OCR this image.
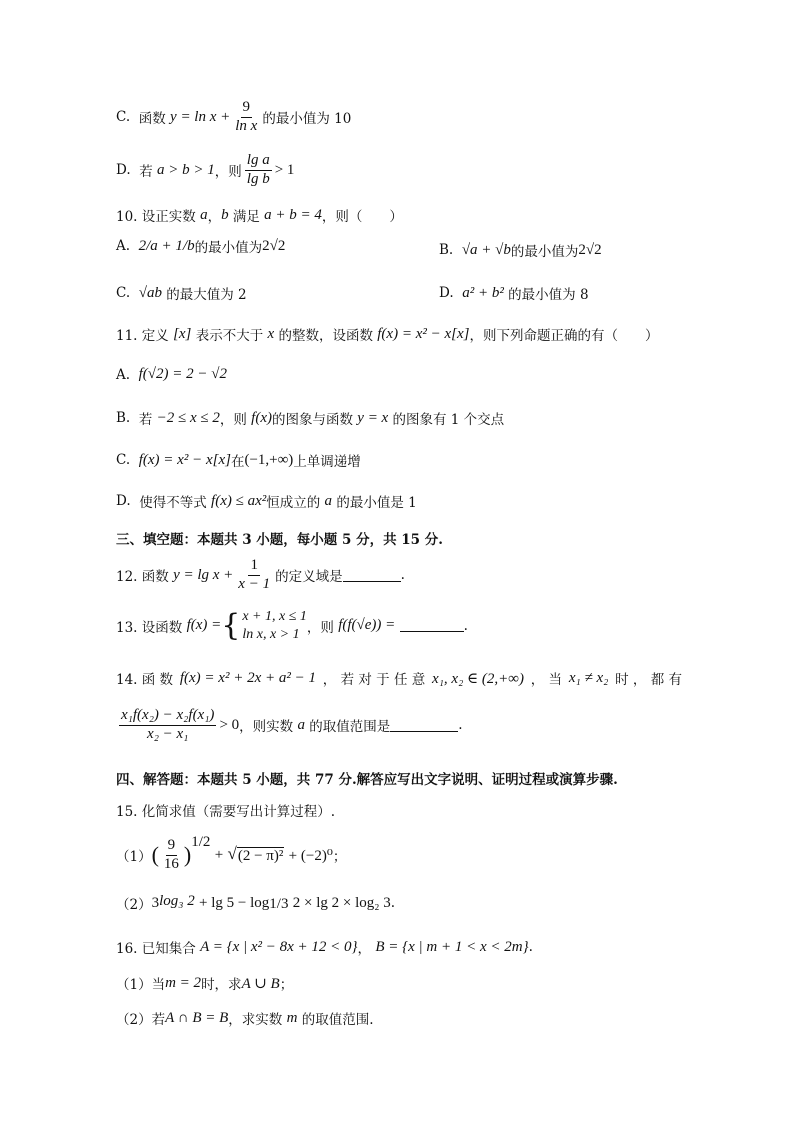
C.
函数
$y = \ln x + \frac{9}{\text{ln x}}$ 的最小值为 10
D.
若
a > b > 1 ，则 $\frac{\text{lg a}}{\text{lg b}} > 1$
10. 设正实数
a ， b
满足
a + b = 4 ，则（　　）
A.
2/a + 1/b 的最小值为 2√2	B.
√a + √b 的最小值为 2√2
C.
√ab
的最大值为 2	D.
a² + b²
的最小值为 8
11. 定义
[x]
表示不大于
x
的整数，设函数
f(x) = x² − x[x] ，则下列命题正确的有（　　）
A.
f(√2) = 2 − √2
B.
若
−2 ≤ x ≤ 2 ，则
f(x) 的图象与函数
y = x
的图象有 1 个交点
C.
f(x) = x² − x[x] 在 (−1,+∞) 上单调递增
D.
使得不等式
f(x) ≤ ax² 恒成立的
a
的最小值是 1
三、填空题：本题共 3 小题，每小题 5 分，共 15 分.
12. 函数
$y = \lg x + \frac{1}{x - 1}$ 的定义域是	.
13. 设函数
f(x) = { x + 1, x ≤ 1
ln x, x > 1 ，则
f(f(√e)) =
	.
14. 函 数 f(x) = x² + 2x + a² − 1 ， 若 对 于 任 意 x₁, x₂ ∈ (2,+∞) ， 当 x₁ ≠ x₂ 时 ， 都 有
$\frac{\text{x₁f(x₂) − x₂f(x₁)}}{\text{x₂ − x₁}} > 0$ ，则实数
a
的取值范围是	.
四、解答题：本题共 5 小题，共 77 分.解答应写出文字说明、证明过程或演算步骤.
15. 化简求值（需要写出计算过程）.
（1） ( $\frac{9}{16}$ )
1/2

+
√ (2 − π)²
+ (−2)⁰ ；
（2） 3 log₃ 2
+ lg 5 − log 1/3
2 × lg 2 × log₂ 3 .
16. 已知集合
A = {x | x² − 8x + 12 < 0} ，
B = {x | m + 1 < x < 2m} .
（1）当 m = 2 时，求 A ∪ B ；
（2）若 A ∩ B = B ，求实数
m
的取值范围.
